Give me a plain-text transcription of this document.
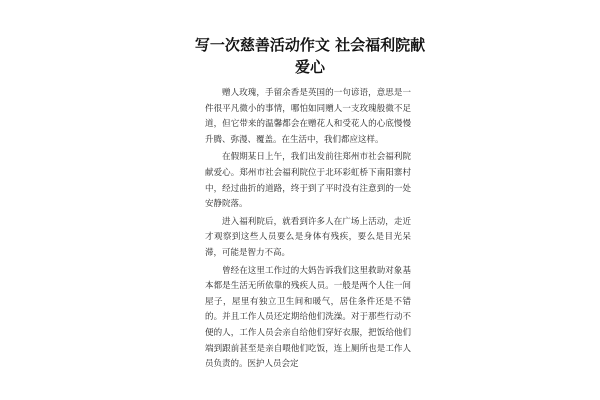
写一次慈善活动作文 社会福利院献爱心

赠人玫瑰，手留余香是英国的一句谚语，意思是一件很平凡微小的事情，哪怕如同赠人一支玫瑰般微不足道，但它带来的温馨都会在赠花人和受花人的心底慢慢升腾、弥漫、覆盖。在生活中，我们都应这样。

在假期某日上午，我们出发前往郑州市社会福利院献爱心。郑州市社会福利院位于北环彩虹桥下南阳寨村中，经过曲折的道路，终于到了平时没有注意到的一处安静院落。

进入福利院后，就看到许多人在广场上活动，走近才观察到这些人员要么是身体有残疾，要么是目光呆滞，可能是智力不高。

曾经在这里工作过的大妈告诉我们这里救助对象基本都是生活无所依靠的残疾人员。一般是两个人住一间屋子，屋里有独立卫生间和暖气，居住条件还是不错的。并且工作人员还定期给他们洗澡。对于那些行动不便的人，工作人员会亲自给他们穿好衣服，把饭给他们端到跟前甚至是亲自喂他们吃饭，连上厕所也是工作人员负责的。医护人员会定
